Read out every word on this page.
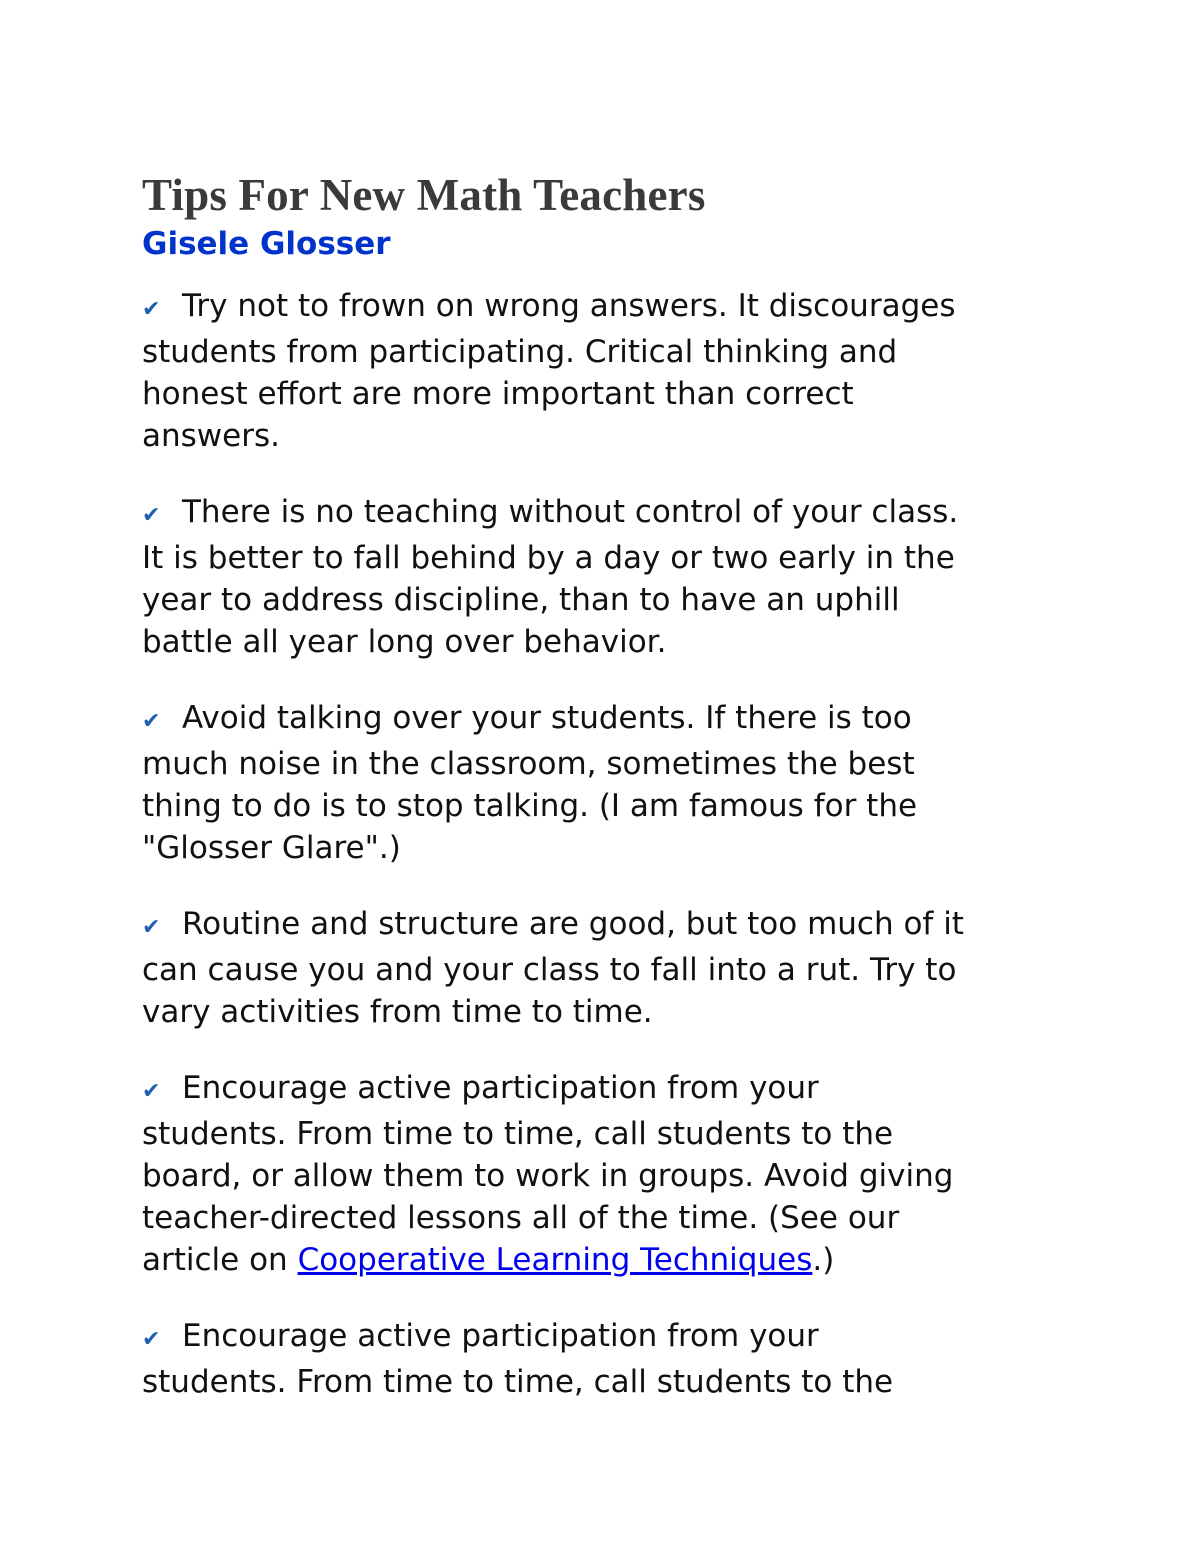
Tips For New Math Teachers
Gisele Glosser

✔ Try not to frown on wrong answers. It discourages
students from participating. Critical thinking and
honest effort are more important than correct
answers.

✔ There is no teaching without control of your class.
It is better to fall behind by a day or two early in the
year to address discipline, than to have an uphill
battle all year long over behavior.

✔ Avoid talking over your students. If there is too
much noise in the classroom, sometimes the best
thing to do is to stop talking. (I am famous for the
"Glosser Glare".)

✔ Routine and structure are good, but too much of it
can cause you and your class to fall into a rut. Try to
vary activities from time to time.

✔ Encourage active participation from your
students. From time to time, call students to the
board, or allow them to work in groups. Avoid giving
teacher-directed lessons all of the time. (See our
article on Cooperative Learning Techniques.)

✔ Encourage active participation from your
students. From time to time, call students to the
